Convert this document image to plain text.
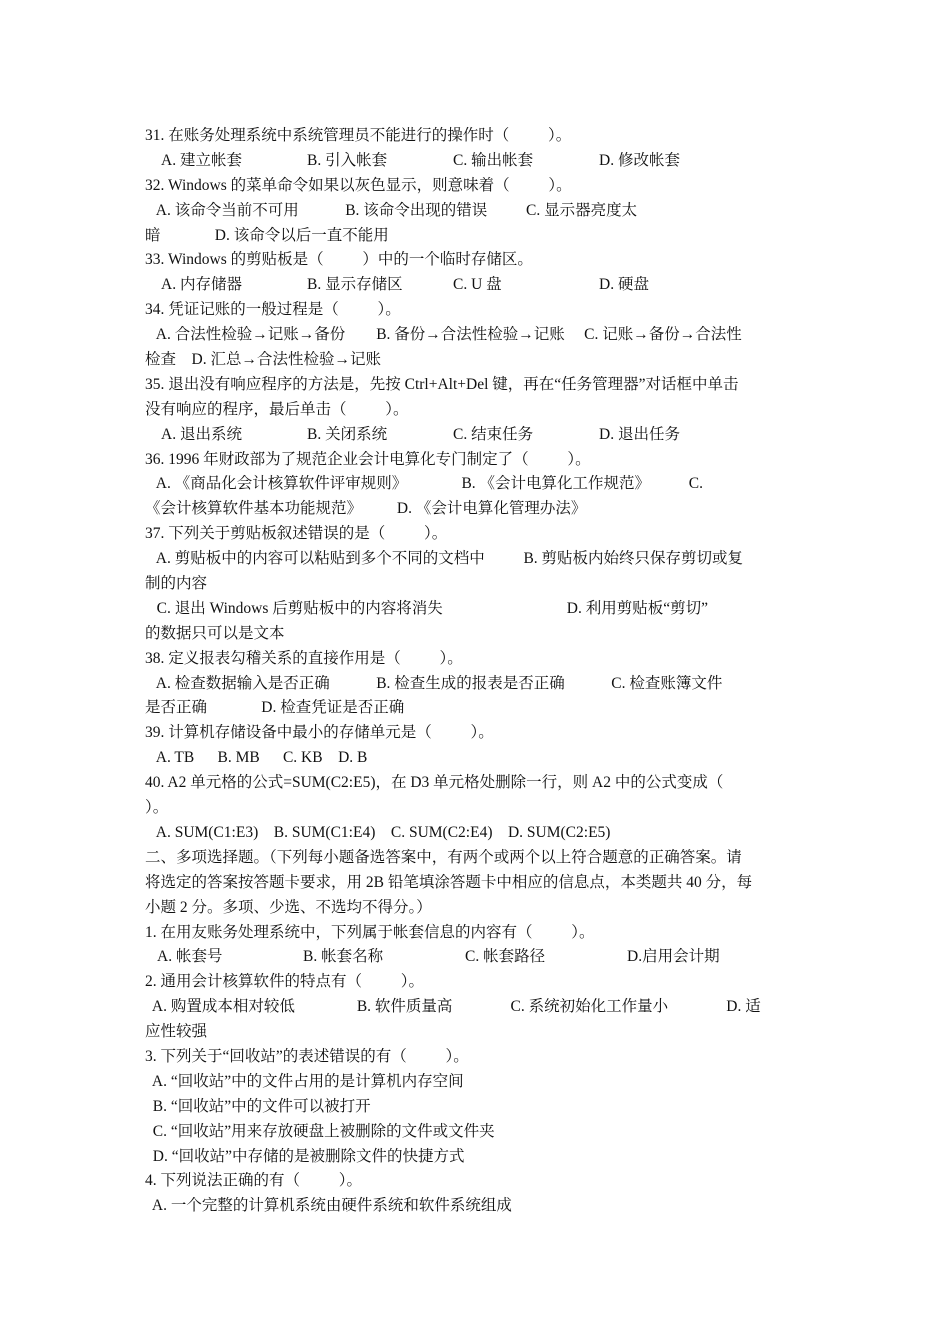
31. 在账务处理系统中系统管理员不能进行的操作时（          ）。
A. 建立帐套	B. 引入帐套	C. 输出帐套	D. 修改帐套
32. Windows 的菜单命令如果以灰色显示，则意味着（          ）。
A. 该命令当前不可用            B. 该命令出现的错误          C. 显示器亮度太
暗              D. 该命令以后一直不能用
33. Windows 的剪贴板是（          ）中的一个临时存储区。
A. 内存储器	B. 显示存储区	C. U 盘	D. 硬盘
34. 凭证记账的一般过程是（          ）。
A. 合法性检验→记账→备份        B. 备份→合法性检验→记账     C. 记账→备份→合法性
检查    D. 汇总→合法性检验→记账
35. 退出没有响应程序的方法是，先按 Ctrl+Alt+Del 键，再在“任务管理器”对话框中单击
没有响应的程序，最后单击（          ）。
A. 退出系统	B. 关闭系统	C. 结束任务	D. 退出任务
36. 1996 年财政部为了规范企业会计电算化专门制定了（          ）。
A. 《商品化会计核算软件评审规则》              B. 《会计电算化工作规范》          C.
《会计核算软件基本功能规范》         D. 《会计电算化管理办法》
37. 下列关于剪贴板叙述错误的是（          ）。
A. 剪贴板中的内容可以粘贴到多个不同的文档中          B. 剪贴板内始终只保存剪切或复
制的内容
C. 退出 Windows 后剪贴板中的内容将消失                                D. 利用剪贴板“剪切”
的数据只可以是文本
38. 定义报表勾稽关系的直接作用是（          ）。
A. 检查数据输入是否正确            B. 检查生成的报表是否正确            C. 检查账簿文件
是否正确              D. 检查凭证是否正确
39. 计算机存储设备中最小的存储单元是（          ）。
A. TB      B. MB      C. KB    D. B
40. A2 单元格的公式=SUM(C2:E5)，在 D3 单元格处删除一行，则 A2 中的公式变成（
）。
A. SUM(C1:E3)    B. SUM(C1:E4)    C. SUM(C2:E4)    D. SUM(C2:E5)
二、多项选择题。（下列每小题备选答案中，有两个或两个以上符合题意的正确答案。请
将选定的答案按答题卡要求，用 2B 铅笔填涂答题卡中相应的信息点，本类题共 40 分，每
小题 2 分。多项、少选、不选均不得分。）
1. 在用友账务处理系统中，下列属于帐套信息的内容有（          ）。
A. 帐套号	B. 帐套名称	C. 帐套路径	D.启用会计期
2. 通用会计核算软件的特点有（          ）。
A. 购置成本相对较低                B. 软件质量高               C. 系统初始化工作量小               D. 适
应性较强
3. 下列关于“回收站”的表述错误的有（          ）。
A. “回收站”中的文件占用的是计算机内存空间
B. “回收站”中的文件可以被打开
C. “回收站”用来存放硬盘上被删除的文件或文件夹
D. “回收站”中存储的是被删除文件的快捷方式
4. 下列说法正确的有（          ）。
A. 一个完整的计算机系统由硬件系统和软件系统组成
